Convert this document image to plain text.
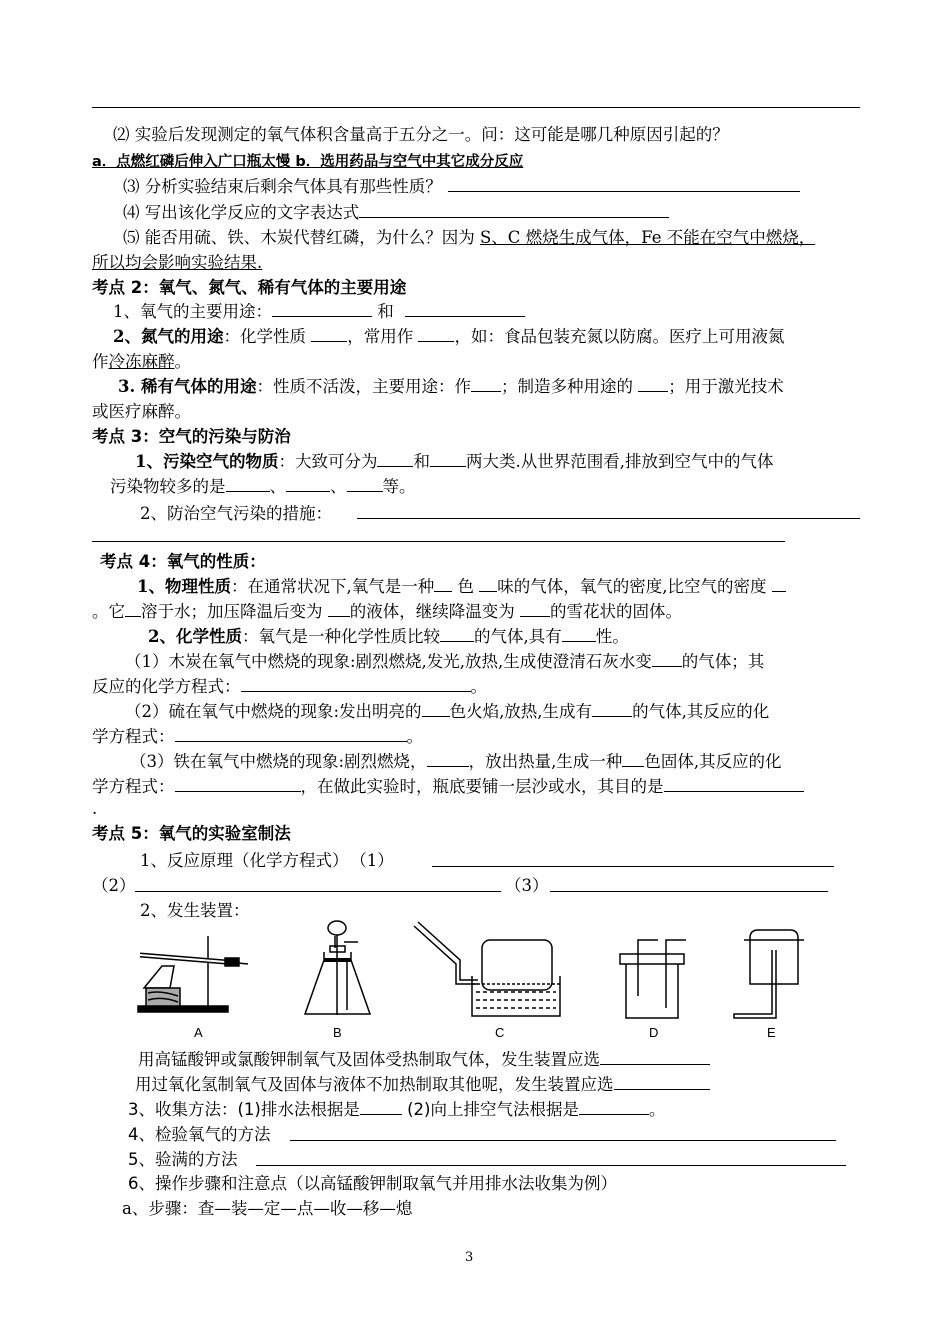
⑵ 实验后发现测定的氧气体积含量高于五分之一。问：这可能是哪几种原因引起的？
a．点燃红磷后伸入广口瓶太慢 b．选用药品与空气中其它成分反应
⑶ 分析实验结束后剩余气体具有那些性质？
⑷ 写出该化学反应的文字表达式
⑸ 能否用硫、铁、木炭代替红磷，为什么？因为 S、C 燃烧生成气体，Fe 不能在空气中燃烧，
所以均会影响实验结果.
考点 2：氧气、氮气、稀有气体的主要用途
1、氧气的主要用途：	和
2、氮气的用途：化学性质 ，常用作 ，如：食品包装充氮以防腐。医疗上可用液氮
作冷冻麻醉。
3. 稀有气体的用途：性质不活泼，主要用途：作 ；制造多种用途的 ；用于激光技术
或医疗麻醉。
考点 3：空气的污染与防治
1、污染空气的物质：大致可分为 和 两大类.从世界范围看,排放到空气中的气体
污染物较多的是	、	、 等。
2、防治空气污染的措施：
考点 4：氧气的性质：
1、物理性质：在通常状况下,氧气是一种 色 味的气体，氧气的密度,比空气的密度
。它 溶于水；加压降温后变为 的液体，继续降温变为 的雪花状的固体。
2、化学性质：氧气是一种化学性质比较 的气体,具有 性。
（1）木炭在氧气中燃烧的现象:剧烈燃烧,发光,放热,生成使澄清石灰水变 的气体；其
反应的化学方程式：	。
（2）硫在氧气中燃烧的现象:发出明亮的 色火焰,放热,生成有 的气体,其反应的化
学方程式：	。
（3）铁在氧气中燃烧的现象:剧烈燃烧，	，放出热量,生成一种 色固体,其反应的化
学方程式：	，在做此实验时，瓶底要铺一层沙或水，其目的是
.
考点 5：氧气的实验室制法
1、反应原理（化学方程式） （1）
（2）	（3）
2、发生装置：
A	B	C	D	E
用高锰酸钾或氯酸钾制氧气及固体受热制取气体，发生装置应选
用过氧化氢制氧气及固体与液体不加热制取其他呢，发生装置应选
3、收集方法：(1)排水法根据是	(2)向上排空气法根据是	。
4、检验氧气的方法
5、验满的方法
6、操作步骤和注意点（以高锰酸钾制取氧气并用排水法收集为例）
a、步骤：查—装—定—点—收—移—熄
3
